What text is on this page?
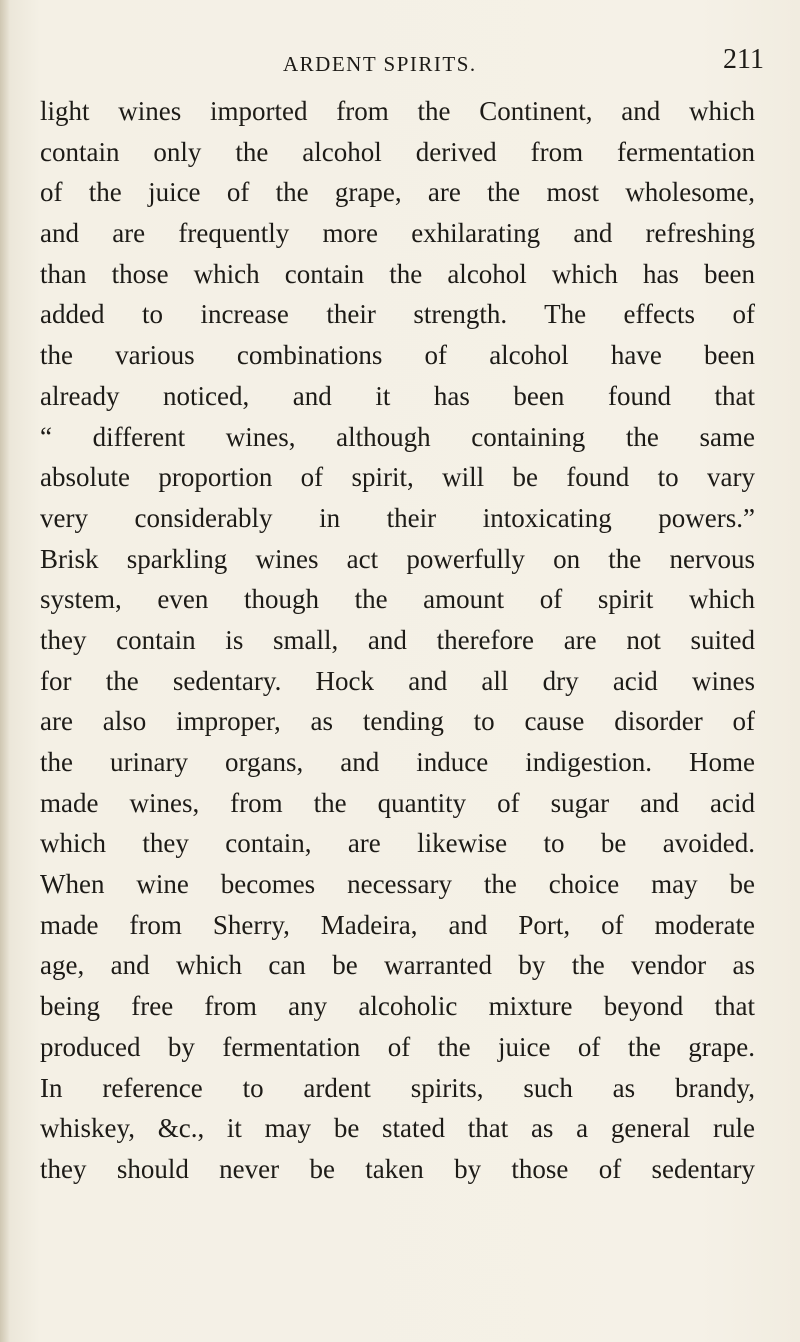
ARDENT SPIRITS.	211
light wines imported from the Continent, and which
contain only the alcohol derived from fermentation
of the juice of the grape, are the most wholesome,
and are frequently more exhilarating and refreshing
than those which contain the alcohol which has been
added to increase their strength. The effects of
the various combinations of alcohol have been
already noticed, and it has been found that
“ different wines, although containing the same
absolute proportion of spirit, will be found to vary
very considerably in their intoxicating powers.”
Brisk sparkling wines act powerfully on the nervous
system, even though the amount of spirit which
they contain is small, and therefore are not suited
for the sedentary. Hock and all dry acid wines
are also improper, as tending to cause disorder of
the urinary organs, and induce indigestion. Home
made wines, from the quantity of sugar and acid
which they contain, are likewise to be avoided.
When wine becomes necessary the choice may be
made from Sherry, Madeira, and Port, of moderate
age, and which can be warranted by the vendor as
being free from any alcoholic mixture beyond that
produced by fermentation of the juice of the grape.
In reference to ardent spirits, such as brandy,
whiskey, &c., it may be stated that as a general rule
they should never be taken by those of sedentary
